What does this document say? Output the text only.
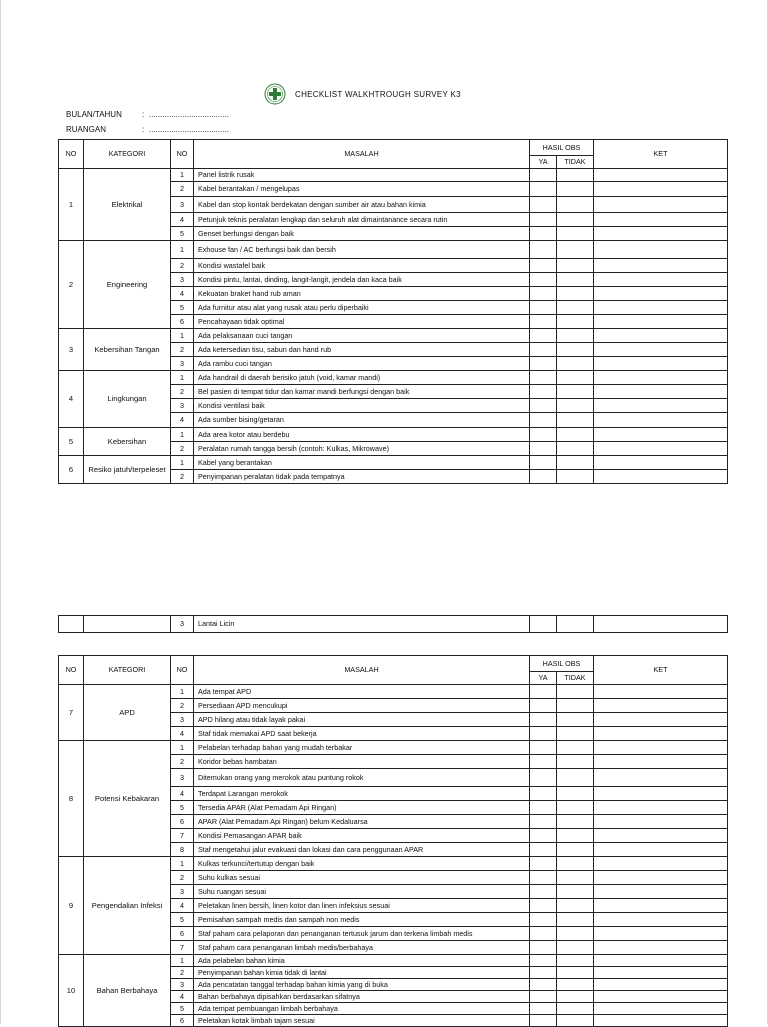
CHECKLIST WALKHTROUGH SURVEY K3
BULAN/TAHUN	: ....................................
RUANGAN	: ....................................
NO	KATEGORI	NO	MASALAH	HASIL OBS		KET
				YA	TIDAK	
1	Elektrikal	1	Panel listrik rusak			
		2	Kabel berantakan / mengelupas			
		3	Kabel dan stop kontak berdekatan dengan sumber air atau bahan kimia			
		4	Petunjuk teknis peralatan lengkap dan seluruh alat dimaintanance secara rutin			
		5	Genset berfungsi dengan baik			
2	Engineering	1	Exhouse fan / AC berfungsi baik dan bersih			
		2	Kondisi wastafel baik			
		3	Kondisi pintu, lantai, dinding, langit-langit, jendela dan kaca baik			
		4	Kekuatan braket hand rub aman			
		5	Ada furnitur atau alat yang rusak atau perlu diperbaiki			
		6	Pencahayaan tidak optimal			
3	Kebersihan Tangan	1	Ada pelaksanaan cuci tangan			
		2	Ada ketersedian tisu, sabun dan hand rub			
		3	Ada rambu cuci tangan			
4	Lingkungan	1	Ada handrail di daerah berisiko jatuh (void, kamar mandi)			
		2	Bel pasien di tempat tidur dan kamar mandi berfungsi dengan baik			
		3	Kondisi ventilasi baik			
		4	Ada sumber bising/getaran			
5	Kebersihan	1	Ada area kotor atau berdebu			
		2	Peralatan rumah tangga bersih (contoh: Kulkas, Mikrowave)			
6	Resiko jatuh/terpeleset	1	Kabel yang berantakan			
		2	Penyimpanan peralatan tidak pada tempatnya			
		3	Lantai Licin			
NO	KATEGORI	NO	MASALAH	HASIL OBS		KET
				YA	TIDAK	
7	APD	1	Ada tempat APD			
		2	Persediaan APD mencukupi			
		3	APD hilang atau tidak layak pakai			
		4	Staf tidak memakai APD saat bekerja			
8	Potensi Kebakaran	1	Pelabelan terhadap bahan yang mudah terbakar			
		2	Koridor bebas hambatan			
		3	Ditemukan orang yang merokok atau puntung rokok			
		4	Terdapat Larangan merokok			
		5	Tersedia APAR (Alat Pemadam Api Ringan)			
		6	APAR (Alat Pemadam Api Ringan) belum Kedaluarsa			
		7	Kondisi Pemasangan APAR baik			
		8	Staf mengetahui jalur evakuasi dan lokasi dan cara penggunaan APAR			
9	Pengendalian Infeksi	1	Kulkas terkunci/tertutup dengan baik			
		2	Suhu kulkas sesuai			
		3	Suhu ruangan sesuai			
		4	Peletakan linen bersih, linen kotor dan linen infeksius sesuai			
		5	Pemisahan sampah medis dan sampah non medis			
		6	Staf paham cara pelaporan dan penanganan tertusuk jarum dan terkena limbah medis			
		7	Staf paham cara penanganan limbah medis/berbahaya			
10	Bahan Berbahaya	1	Ada pelabelan bahan kimia			
		2	Penyimpanan bahan kimia tidak di lantai			
		3	Ada pencatatan tanggal terhadap bahan kimia yang di buka			
		4	Bahan berbahaya dipisahkan berdasarkan sifatnya			
		5	Ada tempat pembuangan limbah berbahaya			
		6	Peletakan kotak limbah tajam sesuai			
